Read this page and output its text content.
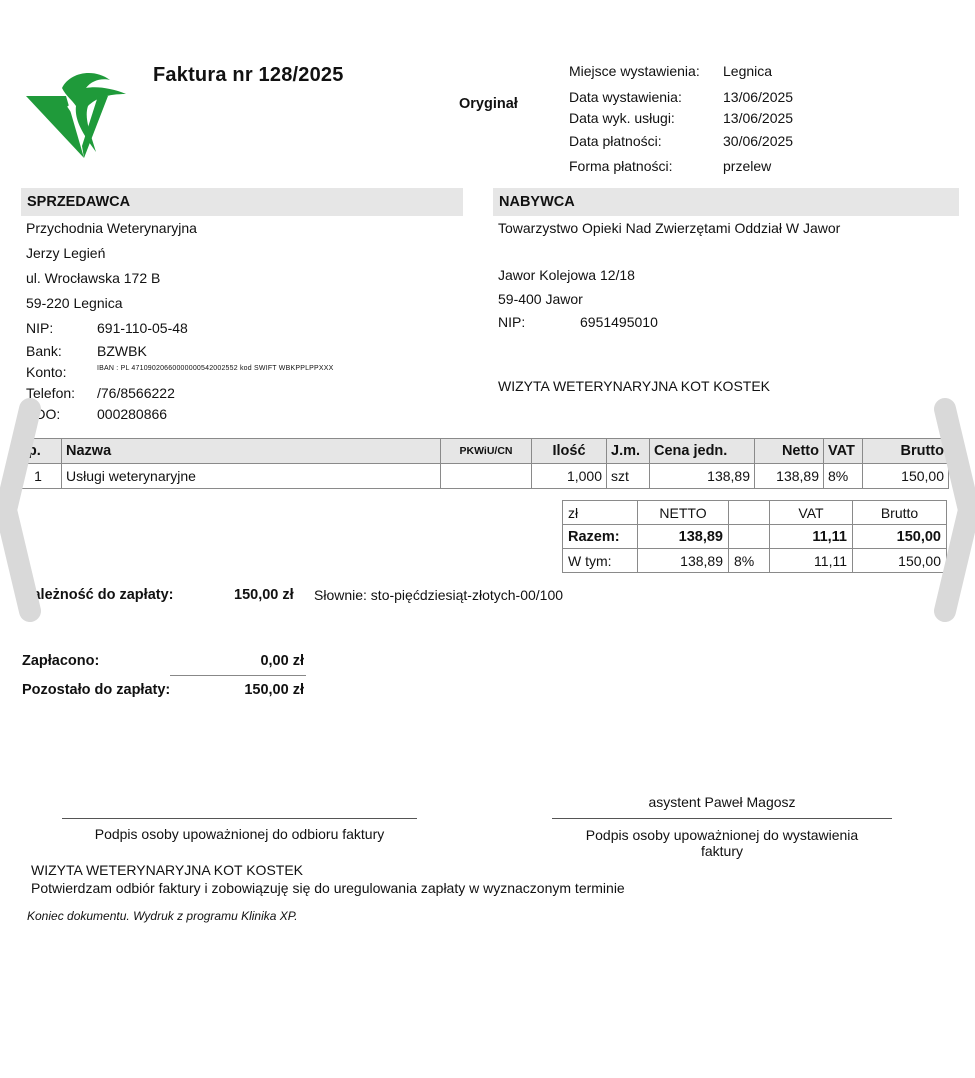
Faktura nr 128/2025
Oryginał
Miejsce wystawienia: Legnica
Data wystawienia:	13/06/2025
Data wyk. usługi:	13/06/2025
Data płatności:	30/06/2025
Forma płatności:	przelew
SPRZEDAWCA
Przychodnia Weterynaryjna
Jerzy Legień
ul. Wrocławska 172 B
59-220 Legnica
NIP:	691-110-05-48
Bank:	BZWBK
Konto:	IBAN : PL 47109020660000000542002552 kod SWIFT WBKPPLPPXXX
Telefon: /76/8566222
BDO:	000280866
NABYWCA
Towarzystwo Opieki Nad Zwierzętami Oddział W Jawor
Jawor Kolejowa 12/18
59-400 Jawor
NIP:	6951495010
WIZYTA WETERYNARYJNA KOT KOSTEK
Lp.	Nazwa	PKWiU/CN	Ilość	J.m.	Cena jedn.	Netto	VAT	Brutto
1	Usługi weterynaryjne		1,000	szt	138,89	138,89	8%	150,00
zł	NETTO		VAT	Brutto
Razem:	138,89		11,11	150,00
W tym:	138,89	8%	11,11	150,00
Należność do zapłaty:	150,00 zł Słownie: sto-pięćdziesiąt-złotych-00/100
Zapłacono:	0,00 zł
Pozostało do zapłaty:	150,00 zł
Podpis osoby upoważnionej do odbioru faktury
asystent Paweł Magosz
Podpis osoby upoważnionej do wystawienia
faktury
WIZYTA WETERYNARYJNA KOT KOSTEK
Potwierdzam odbiór faktury i zobowiązuję się do uregulowania zapłaty w wyznaczonym terminie
Koniec dokumentu. Wydruk z programu Klinika XP.
